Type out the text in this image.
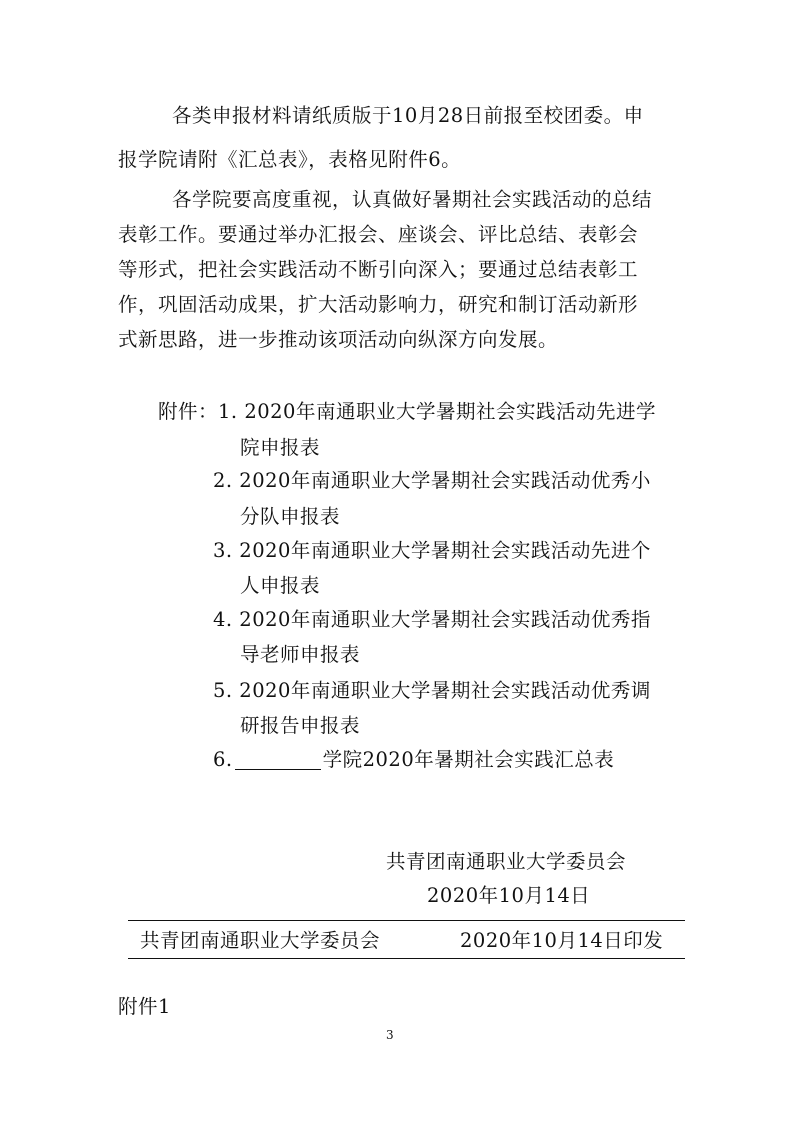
各类申报材料请纸质版于10月28日前报至校团委。申
报学院请附《汇总表》，表格见附件6。
各学院要高度重视，认真做好暑期社会实践活动的总结
表彰工作。要通过举办汇报会、座谈会、评比总结、表彰会
等形式，把社会实践活动不断引向深入；要通过总结表彰工
作，巩固活动成果，扩大活动影响力，研究和制订活动新形
式新思路，进一步推动该项活动向纵深方向发展。
附件：1. 2020年南通职业大学暑期社会实践活动先进学
院申报表
2. 2020年南通职业大学暑期社会实践活动优秀小
分队申报表
3. 2020年南通职业大学暑期社会实践活动先进个
人申报表
4. 2020年南通职业大学暑期社会实践活动优秀指
导老师申报表
5. 2020年南通职业大学暑期社会实践活动优秀调
研报告申报表
6.	学院2020年暑期社会实践汇总表
共青团南通职业大学委员会
2020年10月14日
共青团南通职业大学委员会	2020年10月14日印发
附件1
3
